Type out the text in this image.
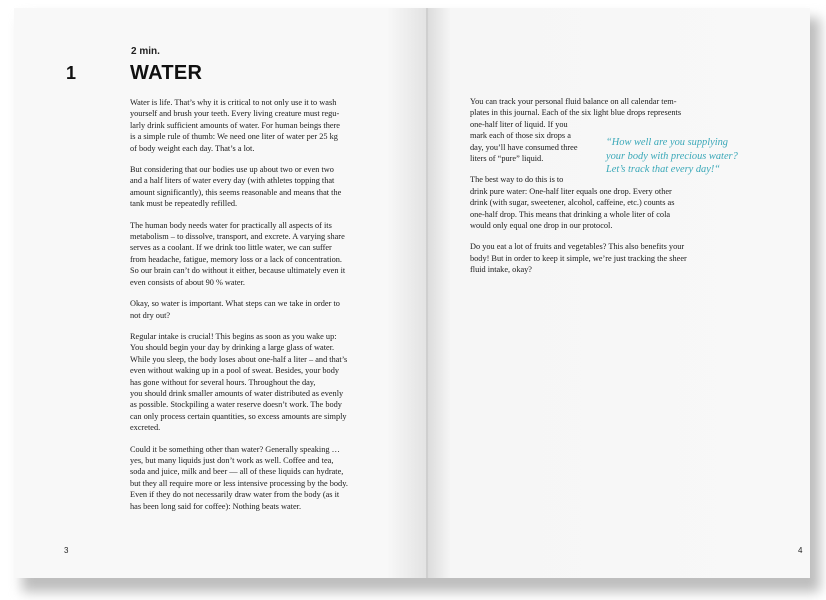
2 min.
1	WATER

Water is life. That’s why it is critical to not only use it to wash
yourself and brush your teeth. Every living creature must regu-
larly drink sufficient amounts of water. For human beings there
is a simple rule of thumb: We need one liter of water per 25 kg
of body weight each day. That’s a lot.

But considering that our bodies use up about two or even two
and a half liters of water every day (with athletes topping that
amount significantly), this seems reasonable and means that the
tank must be repeatedly refilled.

The human body needs water for practically all aspects of its
metabolism – to dissolve, transport, and excrete. A varying share
serves as a coolant. If we drink too little water, we can suffer
from headache, fatigue, memory loss or a lack of concentration.
So our brain can’t do without it either, because ultimately even it
even consists of about 90 % water.

Okay, so water is important. What steps can we take in order to
not dry out?

Regular intake is crucial! This begins as soon as you wake up:
You should begin your day by drinking a large glass of water.
While you sleep, the body loses about one-half a liter – and that’s
even without waking up in a pool of sweat. Besides, your body
has gone without for several hours. Throughout the day,
you should drink smaller amounts of water distributed as evenly
as possible. Stockpiling a water reserve doesn’t work. The body
can only process certain quantities, so excess amounts are simply
excreted.

Could it be something other than water? Generally speaking …
yes, but many liquids just don’t work as well. Coffee and tea,
soda and juice, milk and beer — all of these liquids can hydrate,
but they all require more or less intensive processing by the body.
Even if they do not necessarily draw water from the body (as it
has been long said for coffee): Nothing beats water.

3

You can track your personal fluid balance on all calendar tem-
plates in this journal. Each of the six light blue drops represents
one-half liter of liquid. If you
mark each of those six drops a
day, you’ll have consumed three
liters of “pure” liquid.

The best way to do this is to
drink pure water: One-half liter equals one drop. Every other
drink (with sugar, sweetener, alcohol, caffeine, etc.) counts as
one-half drop. This means that drinking a whole liter of cola
would only equal one drop in our protocol.

Do you eat a lot of fruits and vegetables? This also benefits your
body! But in order to keep it simple, we’re just tracking the sheer
fluid intake, okay?

“How well are you supplying
your body with precious water?
Let’s track that every day!“
4
